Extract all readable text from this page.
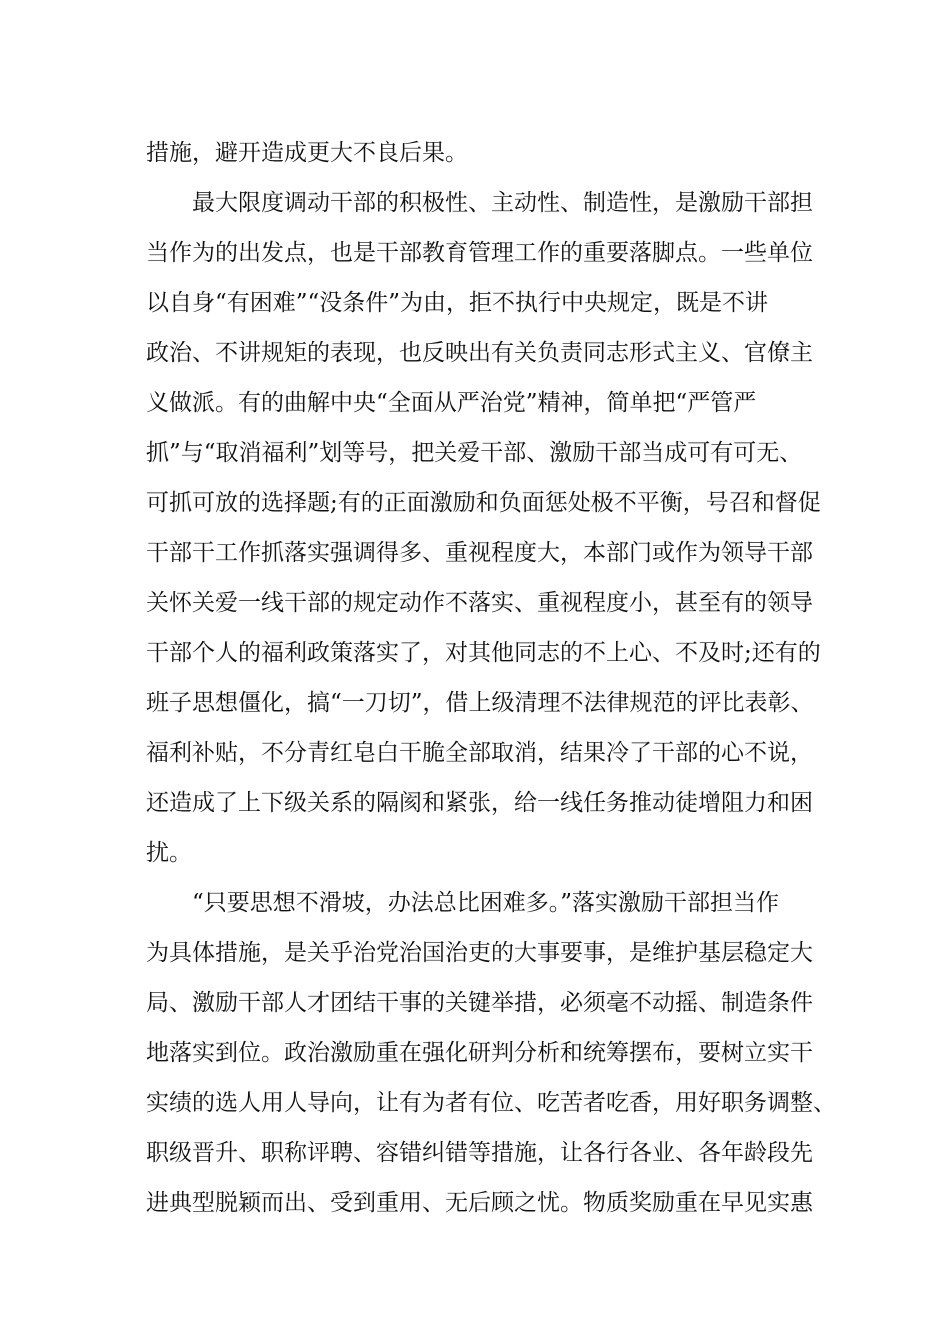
措施，避开造成更大不良后果。
最大限度调动干部的积极性、主动性、制造性，是激励干部担
当作为的出发点，也是干部教育管理工作的重要落脚点。一些单位
以自身“有困难”“没条件”为由，拒不执行中央规定，既是不讲
政治、不讲规矩的表现，也反映出有关负责同志形式主义、官僚主
义做派。有的曲解中央“全面从严治党”精神，简单把“严管严
抓”与“取消福利”划等号，把关爱干部、激励干部当成可有可无、
可抓可放的选择题;有的正面激励和负面惩处极不平衡，号召和督促
干部干工作抓落实强调得多、重视程度大，本部门或作为领导干部
关怀关爱一线干部的规定动作不落实、重视程度小，甚至有的领导
干部个人的福利政策落实了，对其他同志的不上心、不及时;还有的
班子思想僵化，搞“一刀切”，借上级清理不法律规范的评比表彰、
福利补贴，不分青红皂白干脆全部取消，结果冷了干部的心不说，
还造成了上下级关系的隔阂和紧张，给一线任务推动徒增阻力和困
扰。
“只要思想不滑坡，办法总比困难多。”落实激励干部担当作
为具体措施，是关乎治党治国治吏的大事要事，是维护基层稳定大
局、激励干部人才团结干事的关键举措，必须毫不动摇、制造条件
地落实到位。政治激励重在强化研判分析和统筹摆布，要树立实干
实绩的选人用人导向，让有为者有位、吃苦者吃香，用好职务调整、
职级晋升、职称评聘、容错纠错等措施，让各行各业、各年龄段先
进典型脱颖而出、受到重用、无后顾之忧。物质奖励重在早见实惠
